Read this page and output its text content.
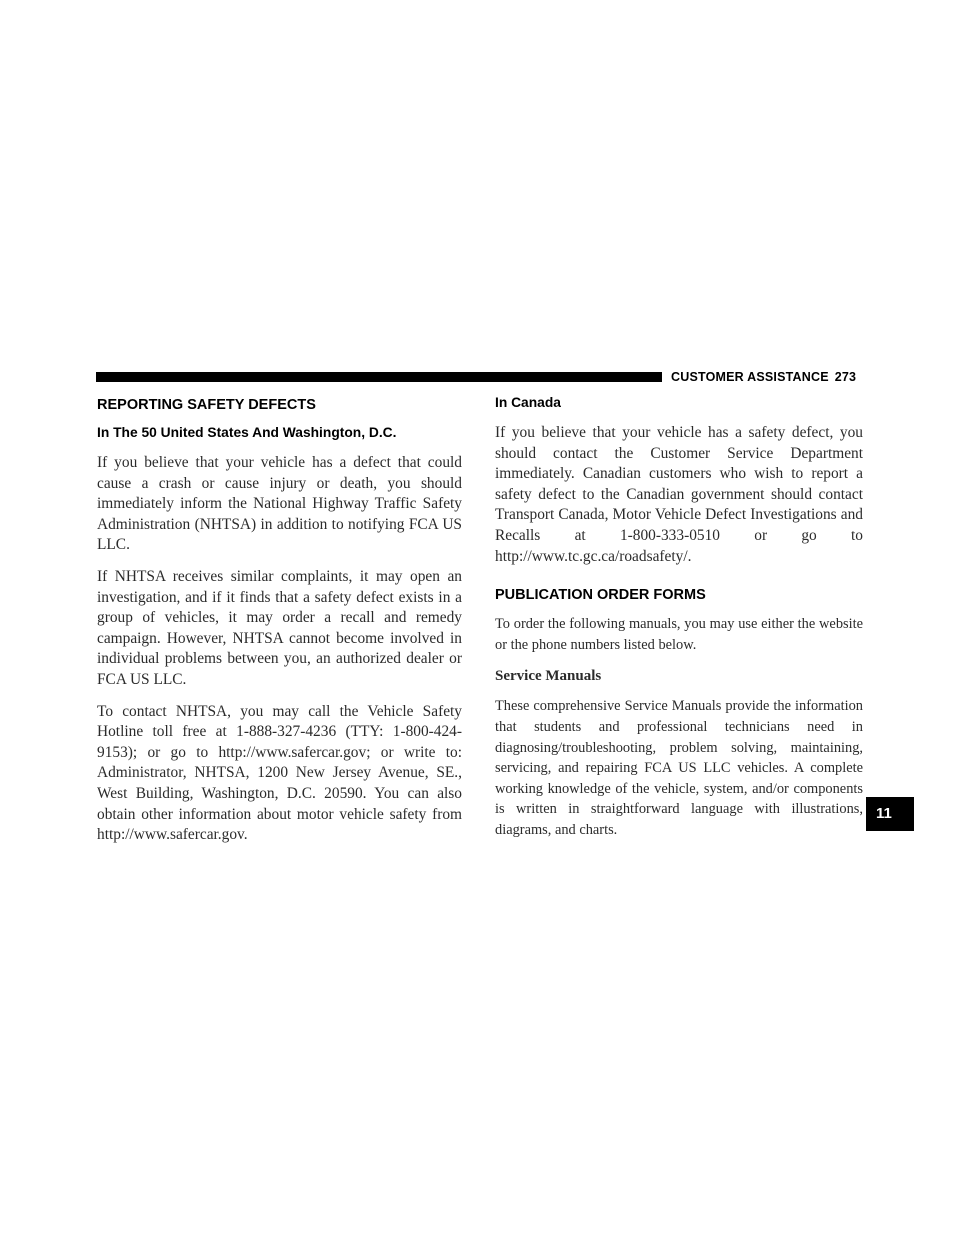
CUSTOMER ASSISTANCE 273
REPORTING SAFETY DEFECTS
In The 50 United States And Washington, D.C.

If you believe that your vehicle has a defect that could cause a crash or cause injury or death, you should immediately inform the National Highway Traffic Safety Administration (NHTSA) in addition to notifying FCA US LLC.

If NHTSA receives similar complaints, it may open an investigation, and if it finds that a safety defect exists in a group of vehicles, it may order a recall and remedy campaign. However, NHTSA cannot become involved in individual problems between you, an authorized dealer or FCA US LLC.

To contact NHTSA, you may call the Vehicle Safety Hotline toll free at 1-888-327-4236 (TTY: 1-800-424-9153); or go to http://www.safercar.gov; or write to: Administrator, NHTSA, 1200 New Jersey Avenue, SE., West Building, Washington, D.C. 20590. You can also obtain other information about motor vehicle safety from http://www.safercar.gov.

In Canada

If you believe that your vehicle has a safety defect, you should contact the Customer Service Department immediately. Canadian customers who wish to report a safety defect to the Canadian government should contact Transport Canada, Motor Vehicle Defect Investigations and Recalls at 1-800-333-0510 or go to http://www.tc.gc.ca/roadsafety/.

PUBLICATION ORDER FORMS

To order the following manuals, you may use either the website or the phone numbers listed below.

Service Manuals

These comprehensive Service Manuals provide the information that students and professional technicians need in diagnosing/troubleshooting, problem solving, maintaining, servicing, and repairing FCA US LLC vehicles. A complete working knowledge of the vehicle, system, and/or components is written in straightforward language with illustrations, diagrams, and charts.

11
